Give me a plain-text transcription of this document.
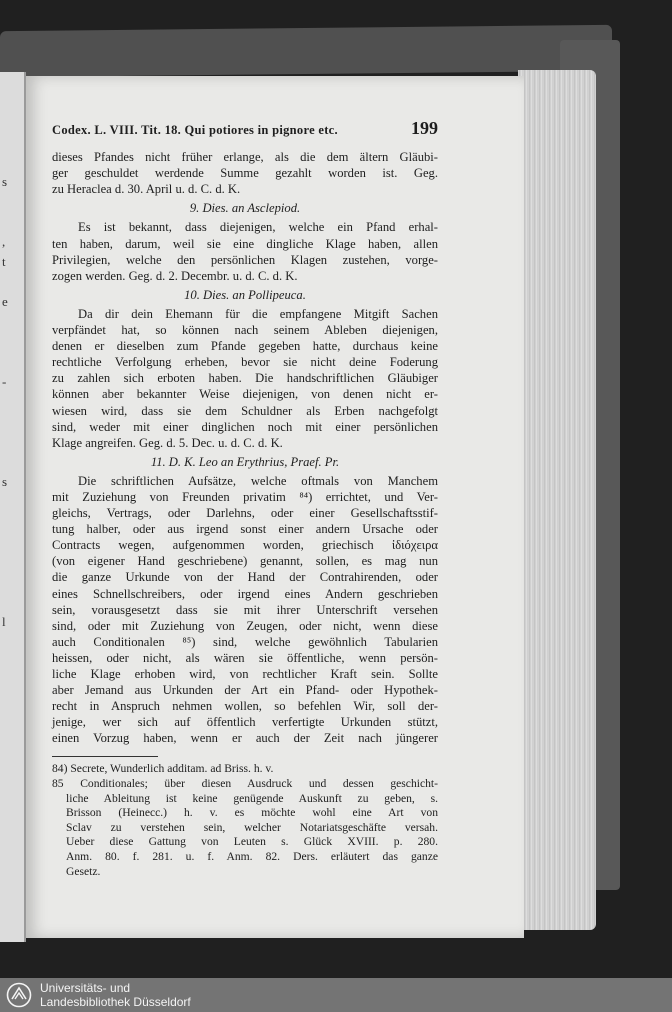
s
,
t
e
-
s
l
Codex. L. VIII. Tit. 18. Qui potiores in pignore etc.	199
dieses Pfandes nicht früher erlange, als die dem ältern Gläubi-
ger geschuldet werdende Summe gezahlt worden ist. Geg.
zu Heraclea d. 30. April u. d. C. d. K.
9. Dies. an Asclepiod.
Es ist bekannt, dass diejenigen, welche ein Pfand erhal-
ten haben, darum, weil sie eine dingliche Klage haben, allen
Privilegien, welche den persönlichen Klagen zustehen, vorge-
zogen werden. Geg. d. 2. Decembr. u. d. C. d. K.
10. Dies. an Pollipeuca.
Da dir dein Ehemann für die empfangene Mitgift Sachen
verpfändet hat, so können nach seinem Ableben diejenigen,
denen er dieselben zum Pfande gegeben hatte, durchaus keine
rechtliche Verfolgung erheben, bevor sie nicht deine Foderung
zu zahlen sich erboten haben. Die handschriftlichen Gläubiger
können aber bekannter Weise diejenigen, von denen nicht er-
wiesen wird, dass sie dem Schuldner als Erben nachgefolgt
sind, weder mit einer dinglichen noch mit einer persönlichen
Klage angreifen. Geg. d. 5. Dec. u. d. C. d. K.
11. D. K. Leo an Erythrius, Praef. Pr.
Die schriftlichen Aufsätze, welche oftmals von Manchem
mit Zuziehung von Freunden privatim ⁸⁴) errichtet, und Ver-
gleichs, Vertrags, oder Darlehns, oder einer Gesellschaftsstif-
tung halber, oder aus irgend sonst einer andern Ursache oder
Contracts wegen, aufgenommen worden, griechisch ἰδιόχειρα
(von eigener Hand geschriebene) genannt, sollen, es mag nun
die ganze Urkunde von der Hand der Contrahirenden, oder
eines Schnellschreibers, oder irgend eines Andern geschrieben
sein, vorausgesetzt dass sie mit ihrer Unterschrift versehen
sind, oder mit Zuziehung von Zeugen, oder nicht, wenn diese
auch Conditionalen ⁸⁵) sind, welche gewöhnlich Tabularien
heissen, oder nicht, als wären sie öffentliche, wenn persön-
liche Klage erhoben wird, von rechtlicher Kraft sein. Sollte
aber Jemand aus Urkunden der Art ein Pfand- oder Hypothek-
recht in Anspruch nehmen wollen, so befehlen Wir, soll der-
jenige, wer sich auf öffentlich verfertigte Urkunden stützt,
einen Vorzug haben, wenn er auch der Zeit nach jüngerer
84) Secrete, Wunderlich additam. ad Briss. h. v.
85 Conditionales; über diesen Ausdruck und dessen geschicht-
liche Ableitung ist keine genügende Auskunft zu geben, s.
Brisson (Heinecc.) h. v. es möchte wohl eine Art von
Sclav zu verstehen sein, welcher Notariatsgeschäfte versah.
Ueber diese Gattung von Leuten s. Glück XVIII. p. 280.
Anm. 80. f. 281. u. f. Anm. 82. Ders. erläutert das ganze
Gesetz.
Universitäts- und
Landesbibliothek Düsseldorf
